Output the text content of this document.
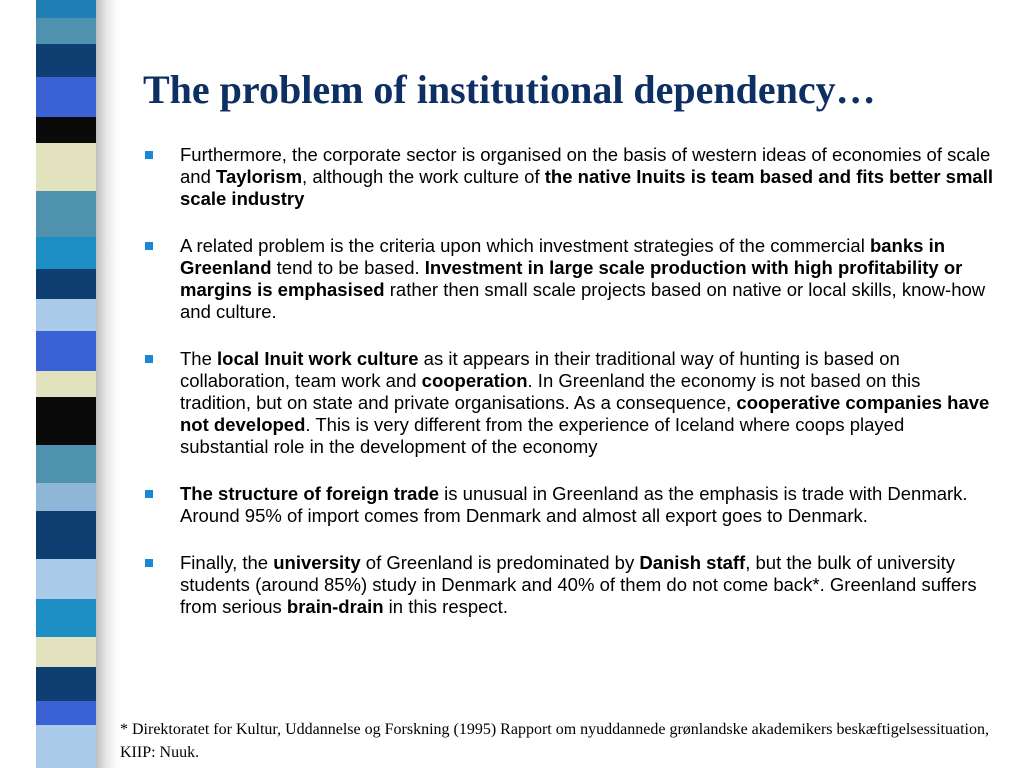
The problem of institutional dependency…
Furthermore, the corporate sector is organised on the basis of western ideas of economies of scale and Taylorism, although the work culture of the native Inuits is team based and fits better small scale industry
A related problem is the criteria upon which investment strategies of the commercial banks in Greenland tend to be based. Investment in large scale production with high profitability or margins is emphasised rather then small scale projects based on native or local skills, know-how and culture.
The local Inuit work culture as it appears in their traditional way of hunting is based on collaboration, team work and cooperation. In Greenland the economy is not based on this tradition, but on state and private organisations. As a consequence, cooperative companies have not developed. This is very different from the experience of Iceland where coops played substantial role in the development of the economy
The structure of foreign trade is unusual in Greenland as the emphasis is trade with Denmark. Around 95% of import comes from Denmark and almost all export goes to Denmark.
Finally, the university of Greenland is predominated by Danish staff, but the bulk of university students (around 85%) study in Denmark and 40% of them do not come back*. Greenland suffers from serious brain-drain in this respect.

* Direktoratet for Kultur, Uddannelse og Forskning (1995) Rapport om nyuddannede grønlandske akademikers beskæftigelsessituation, KIIP: Nuuk.
